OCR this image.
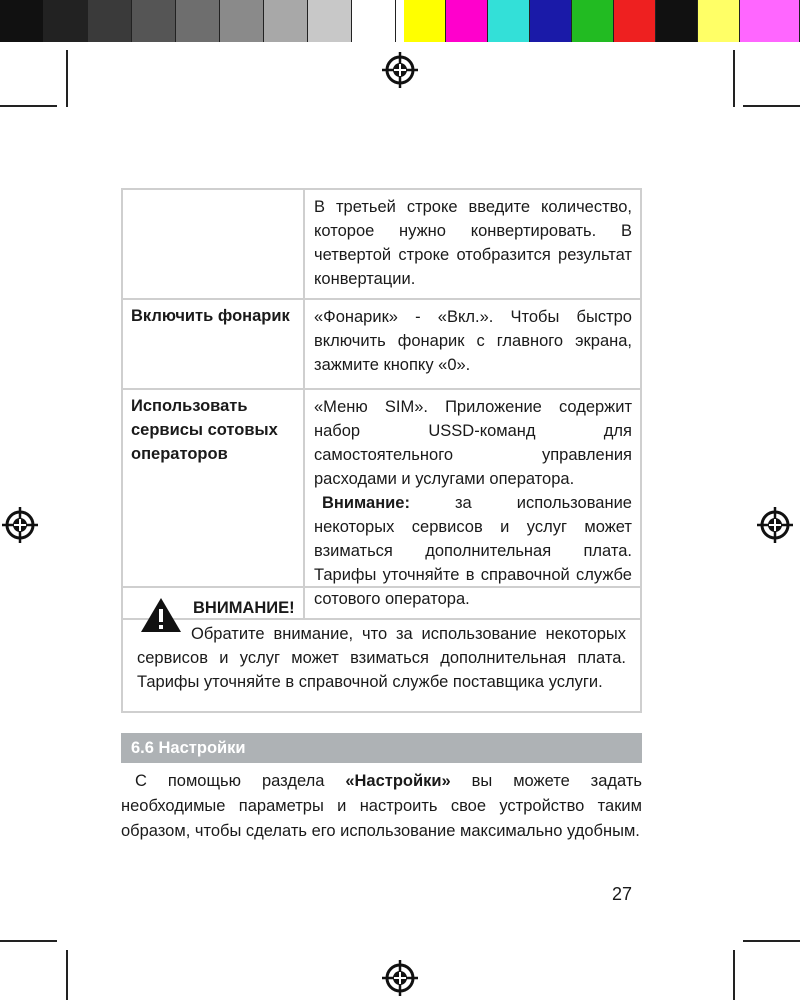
	В третьей строке введите количество, которое нужно конвертировать. В четвертой строке отобразится результат конвертации.
Включить фонарик	«Фонарик» - «Вкл.». Чтобы быстро включить фонарик с главного экрана, зажмите кнопку «0».
Использовать сервисы сотовых операторов	«Меню SIM». Приложение содержит набор USSD-команд для самостоятельного управления расходами и услугами оператора.
Внимание: за использование некоторых сервисов и услуг может взиматься дополнительная плата. Тарифы уточняйте в справочной службе сотового оператора.
ВНИМАНИЕ!
Обратите внимание, что за использование некоторых сервисов и услуг может взиматься дополнительная плата. Тарифы уточняйте в справочной службе поставщика услуги.
6.6 Настройки
С помощью раздела «Настройки» вы можете задать необходимые параметры и настроить свое устройство таким образом, чтобы сделать его использование максимально удобным.
27
